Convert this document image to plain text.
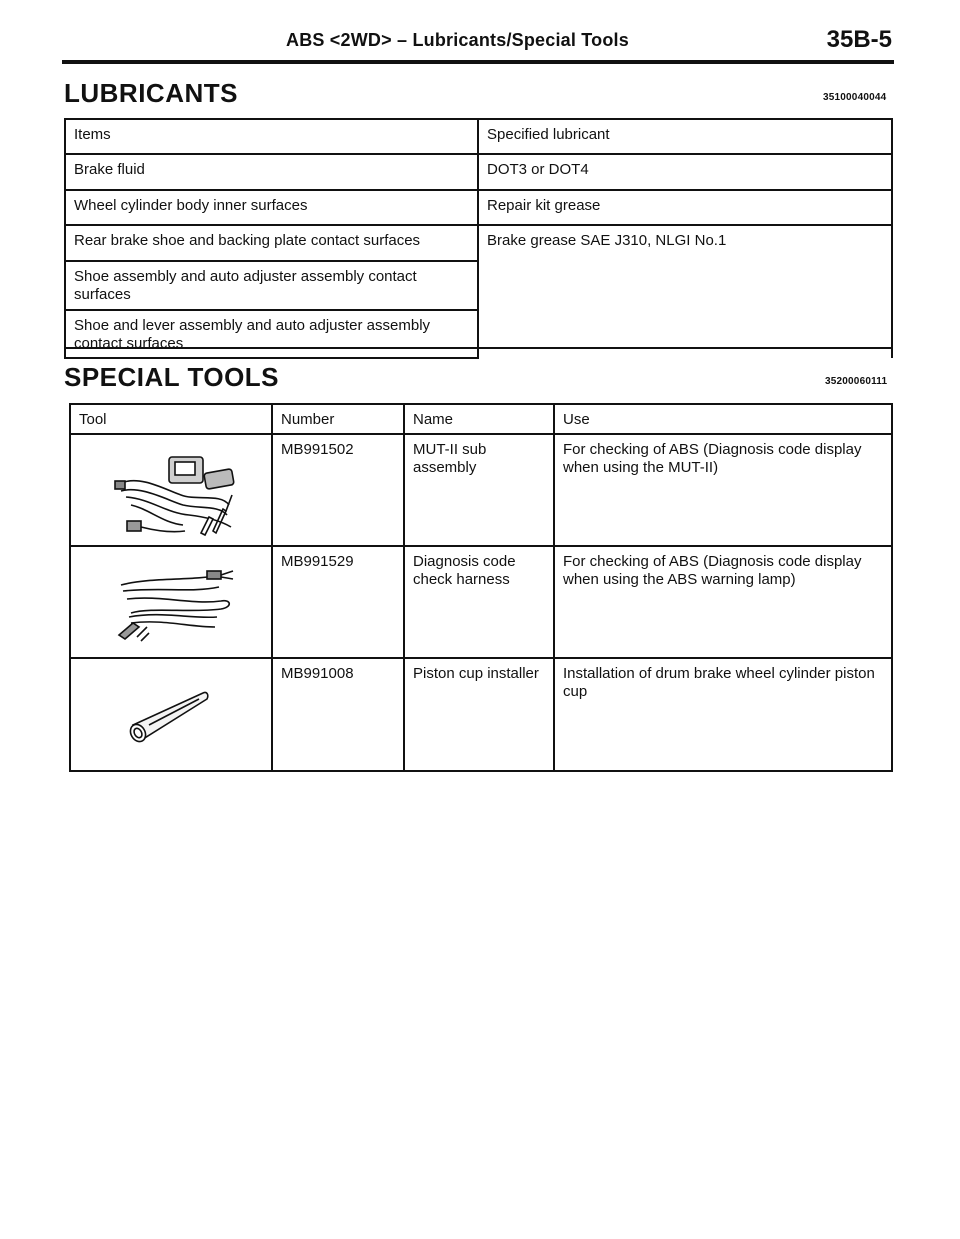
ABS <2WD> – Lubricants/Special Tools	35B-5
LUBRICANTS	35100040044
Items	Specified lubricant
Brake fluid	DOT3 or DOT4
Wheel cylinder body inner surfaces	Repair kit grease
Rear brake shoe and backing plate contact surfaces	Brake grease SAE J310, NLGI No.1
Shoe assembly and auto adjuster assembly contact surfaces	
Shoe and lever assembly and auto adjuster assembly contact surfaces	
SPECIAL TOOLS	35200060111
Tool	Number	Name	Use

	MB991502	MUT-II sub assembly	For checking of ABS (Diagnosis code display when using the MUT-II)

	MB991529	Diagnosis code check harness	For checking of ABS (Diagnosis code display when using the ABS warning lamp)

	MB991008	Piston cup installer	Installation of drum brake wheel cylinder piston cup
